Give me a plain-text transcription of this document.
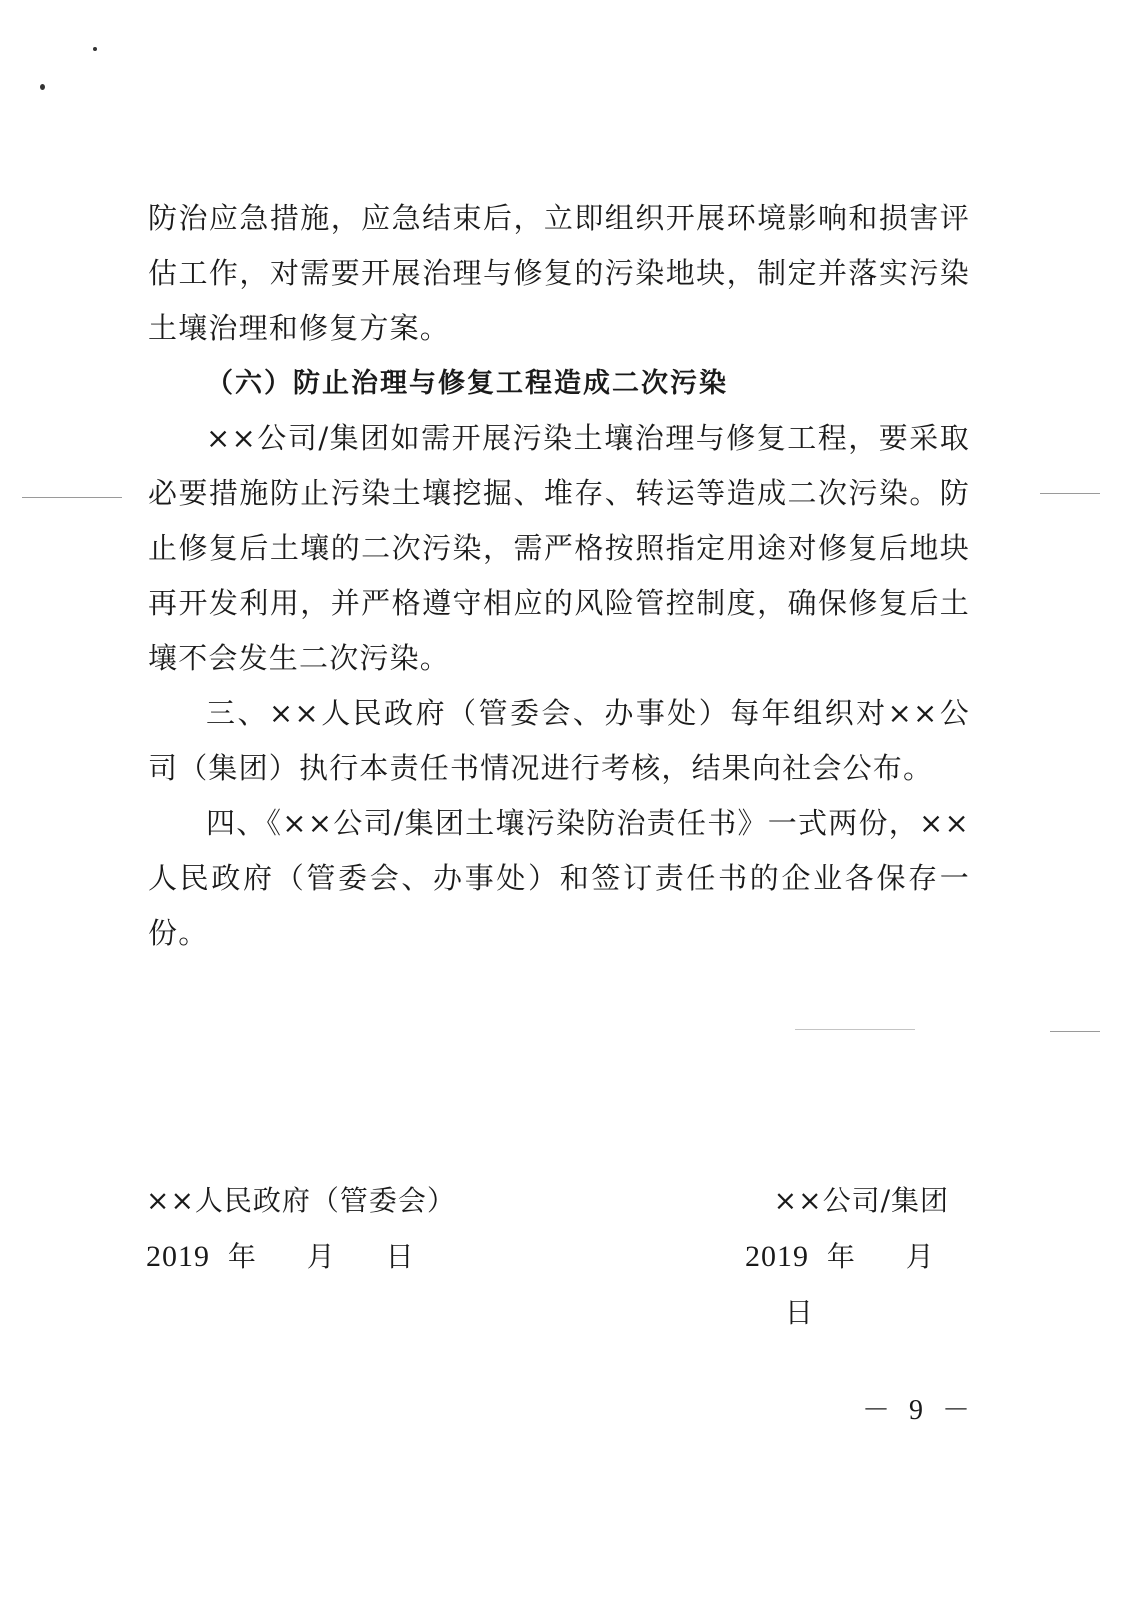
防治应急措施，应急结束后，立即组织开展环境影响和损害评估工作，对需要开展治理与修复的污染地块，制定并落实污染土壤治理和修复方案。

（六）防止治理与修复工程造成二次污染

××公司/集团如需开展污染土壤治理与修复工程，要采取必要措施防止污染土壤挖掘、堆存、转运等造成二次污染。防止修复后土壤的二次污染，需严格按照指定用途对修复后地块再开发利用，并严格遵守相应的风险管控制度，确保修复后土壤不会发生二次污染。

三、××人民政府（管委会、办事处）每年组织对××公司（集团）执行本责任书情况进行考核，结果向社会公布。

四、《××公司/集团土壤污染防治责任书》一式两份，××人民政府（管委会、办事处）和签订责任书的企业各保存一份。

××人民政府（管委会）
2019 年 月 日
××公司/集团
2019 年 月  日
－ 9 －
